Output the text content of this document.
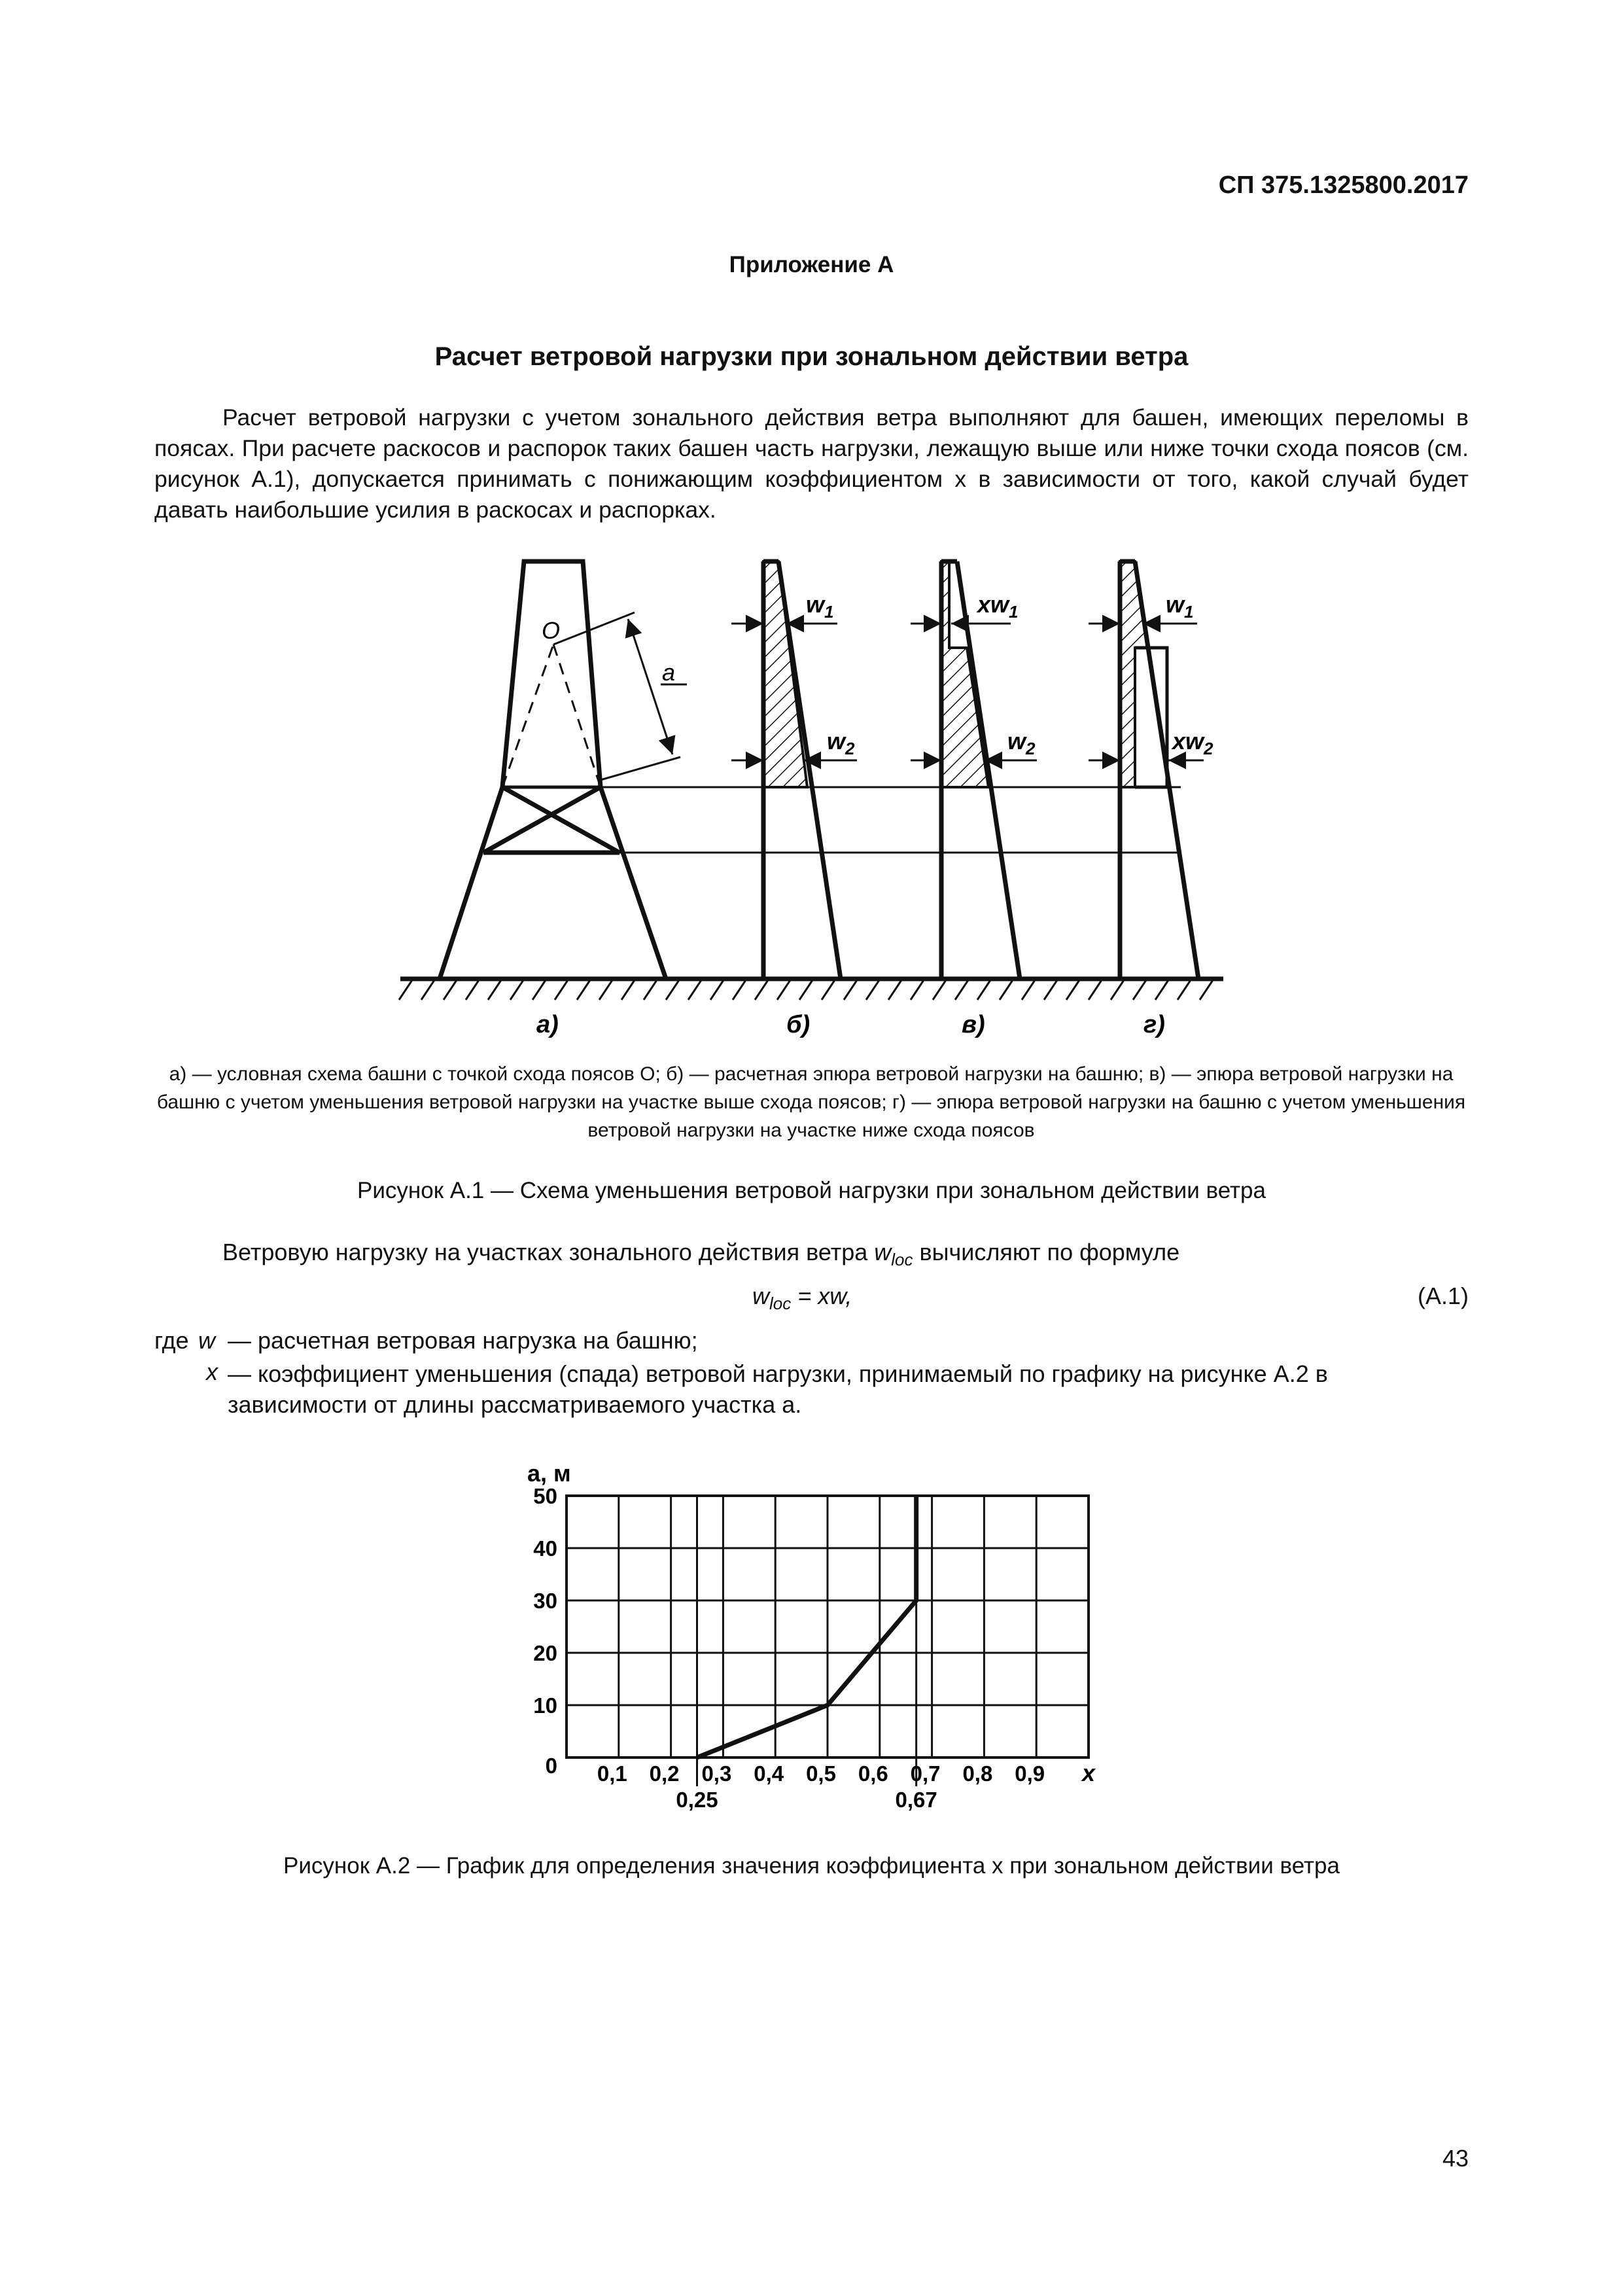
СП 375.1325800.2017
Приложение А
Расчет ветровой нагрузки при зональном действии ветра
Расчет ветровой нагрузки с учетом зонального действия ветра выполняют для башен, имеющих переломы в поясах. При расчете раскосов и распорок таких башен часть нагрузки, лежащую выше или ниже точки схода поясов (см. рисунок А.1), допускается принимать с понижающим коэффициентом x в зависимости от того, какой случай будет давать наибольшие усилия в раскосах и распорках.
O
a
$w_1$
$w_2$
$xw_1$
$w_2$
$w_1$
$xw_2$
а)	б)	в)	г)
а) — условная схема башни с точкой схода поясов О; б) — расчетная эпюра ветровой нагрузки на башню; в) — эпюра ветровой нагрузки на башню с учетом уменьшения ветровой нагрузки на участке выше схода поясов; г) — эпюра ветровой нагрузки на башню с учетом уменьшения ветровой нагрузки на участке ниже схода поясов
Рисунок А.1 — Схема уменьшения ветровой нагрузки при зональном действии ветра
Ветровую нагрузку на участках зонального действия ветра $w_{loc}$ вычисляют по формуле
$w_{loc}$ = xw,	(А.1)
где w — расчетная ветровая нагрузка на башню;
x — коэффициент уменьшения (спада) ветровой нагрузки, принимаемый по графику на рисунке А.2 в зависимости от длины рассматриваемого участка a.
0,25	0,67
0,1 0,2 0,3 0,4 0,5 0,6 0,7 0,8 0,9
0
10
20
30
40
50
a, м
x
Рисунок А.2 — График для определения значения коэффициента x при зональном действии ветра
43
